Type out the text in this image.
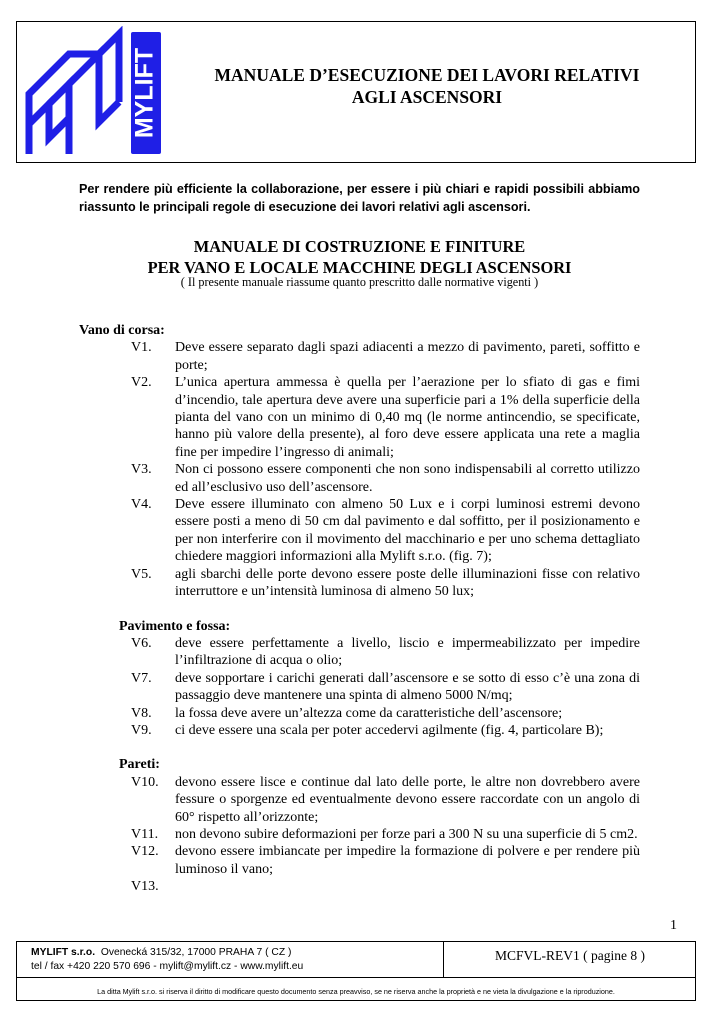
MYLIFT	MANUALE D’ESECUZIONE DEI LAVORI RELATIVI AGLI ASCENSORI
Per rendere più efficiente la collaborazione, per essere i più chiari e rapidi possibili abbiamo riassunto le principali regole di esecuzione dei lavori relativi agli ascensori.
MANUALE DI COSTRUZIONE E FINITURE
PER VANO E LOCALE MACCHINE DEGLI ASCENSORI
( Il presente manuale riassume quanto prescritto dalle normative vigenti )

Vano di corsa:

V1.	Deve essere separato dagli spazi adiacenti a mezzo di pavimento, pareti, soffitto e porte;
V2.	L’unica apertura ammessa è quella per l’aerazione per lo sfiato di gas e fimi d’incendio, tale apertura deve avere una superficie pari a 1% della superficie della pianta del vano con un minimo di 0,40 mq (le norme antincendio, se specificate, hanno più valore della presente), al foro deve essere applicata una rete a maglia fine per impedire l’ingresso di animali;
V3.	Non ci possono essere componenti che non sono indispensabili al corretto utilizzo ed all’esclusivo uso dell’ascensore.
V4.	Deve essere illuminato con almeno 50 Lux e i corpi luminosi estremi devono essere posti a meno di 50 cm dal pavimento e dal soffitto, per il posizionamento e per non interferire con il movimento del macchinario e per uno schema dettagliato chiedere maggiori informazioni alla Mylift s.r.o. (fig. 7);
V5.	agli sbarchi delle porte devono essere poste delle illuminazioni fisse con relativo interruttore e un’intensità luminosa di almeno 50 lux;

Pavimento e fossa:

V6.	deve essere perfettamente a livello, liscio e impermeabilizzato per impedire l’infiltrazione di acqua o olio;
V7.	deve sopportare i carichi generati dall’ascensore e se sotto di esso c’è una zona di passaggio deve mantenere una spinta di almeno 5000 N/mq;
V8.	la fossa deve avere un’altezza come da caratteristiche dell’ascensore;
V9.	ci deve essere una scala per poter accedervi agilmente (fig. 4, particolare B);

Pareti:

V10.	devono essere lisce e continue dal lato delle porte, le altre non dovrebbero avere fessure o sporgenze ed eventualmente devono essere raccordate con un angolo di 60° rispetto all’orizzonte;
V11.	non devono subire deformazioni per forze pari a 300 N su una superficie di 5 cm2.
V12.	devono essere imbiancate per impedire la formazione di polvere e per rendere più luminoso il vano;
V13.
1
MYLIFT s.r.o. Ovenecká 315/32, 17000 PRAHA 7 ( CZ )
tel / fax +420 220 570 696 - mylift@mylift.cz - www.mylift.eu
MCFVL-REV1 ( pagine 8 )
La ditta Mylift s.r.o. si riserva il diritto di modificare questo documento senza preavviso, se ne riserva anche la proprietà e ne vieta la divulgazione e la riproduzione.
